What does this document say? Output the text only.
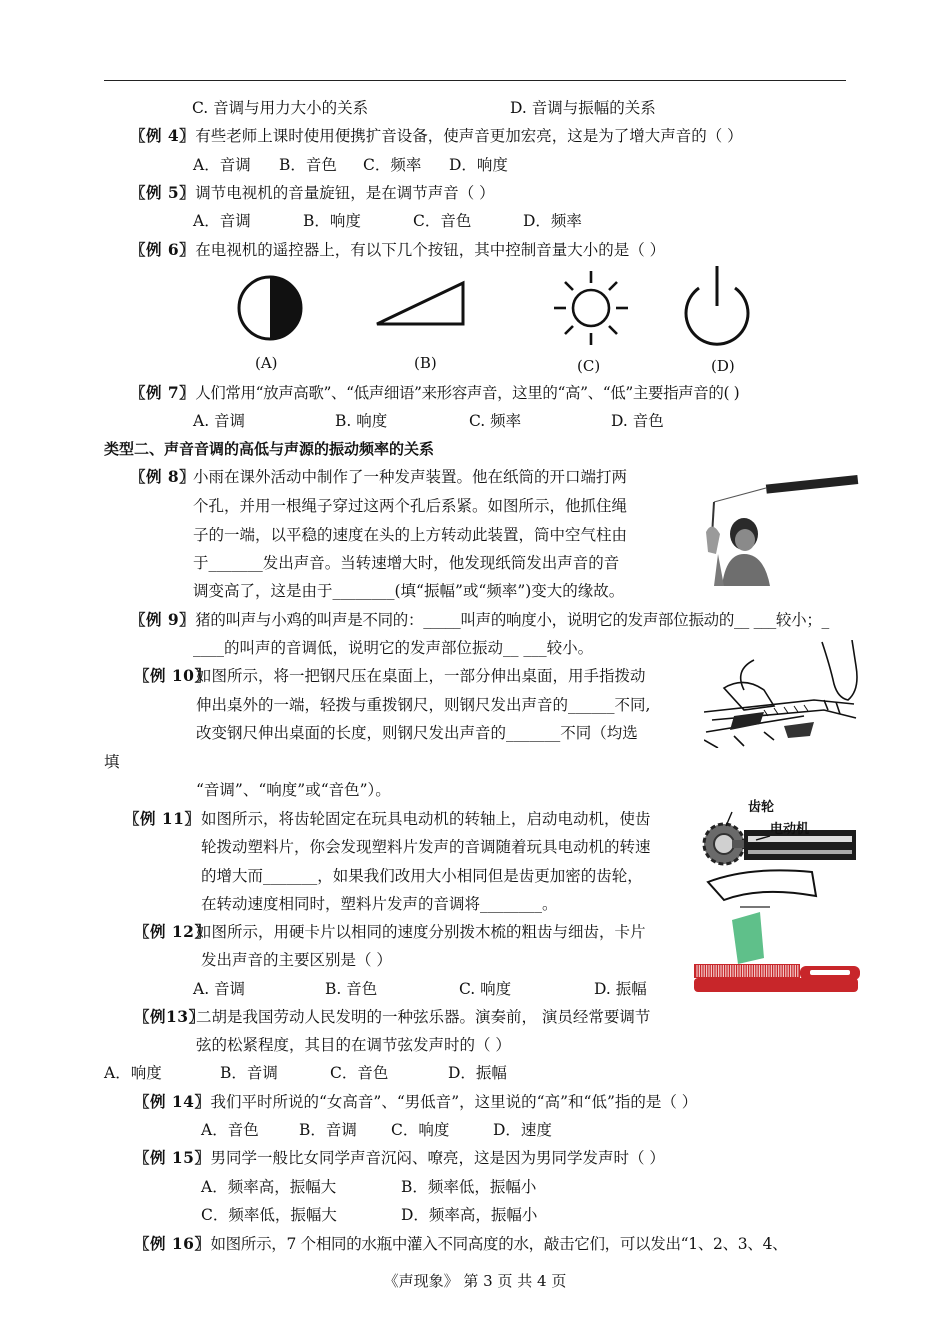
C. 音调与用力大小的关系	D. 音调与振幅的关系
〖例 4〗有些老师上课时使用便携扩音设备，使声音更加宏亮，这是为了增大声音的（ ）
A．音调 B．音色 C．频率 D．响度
〖例 5〗调节电视机的音量旋钮，是在调节声音（ ）
A．音调	B．响度	C．音色	D．频率
〖例 6〗在电视机的遥控器上，有以下几个按钮，其中控制音量大小的是（ ）
(A)	(B)	(C)	(D)
〖例 7〗人们常用“放声高歌”、“低声细语”来形容声音，这里的“高”、“低”主要指声音的( )
A. 音调	B. 响度	C. 频率	D. 音色
类型二、声音音调的高低与声源的振动频率的关系
〖例 8〗
小雨在课外活动中制作了一种发声装置。他在纸筒的开口端打两
个孔，并用一根绳子穿过这两个孔后系紧。如图所示，他抓住绳
子的一端，以平稳的速度在头的上方转动此装置，筒中空气柱由
于_______发出声音。当转速增大时，他发现纸筒发出声音的音
调变高了，这是由于________(填“振幅”或“频率”)变大的缘故。
〖例 9〗猪的叫声与小鸡的叫声是不同的：_____叫声的响度小，说明它的发声部位振动的__ ___较小；_
____的叫声的音调低，说明它的发声部位振动__ ___较小。
〖例 10〗
如图所示，将一把钢尺压在桌面上，一部分伸出桌面，用手指拨动
伸出桌外的一端，轻拨与重拨钢尺，则钢尺发出声音的______不同,
改变钢尺伸出桌面的长度，则钢尺发出声音的_______不同（均选
填
“音调”、“响度”或“音色”）。
〖例 11〗 如图所示，将齿轮固定在玩具电动机的转轴上，启动电动机，使齿
轮拨动塑料片，你会发现塑料片发声的音调随着玩具电动机的转速
的增大而_______，如果我们改用大小相同但是齿更加密的齿轮，
在转动速度相同时，塑料片发声的音调将________。
齿轮
电动机
〖例 12〗
如图所示，用硬卡片以相同的速度分别拨木梳的粗齿与细齿，卡片
发出声音的主要区别是（ ）
A. 音调	B. 音色	C. 响度	D. 振幅
〖例13〗
二胡是我国劳动人民发明的一种弦乐器。演奏前， 演员经常要调节
弦的松紧程度，其目的在调节弦发声时的（ ）
A．响度	B．音调	C．音色	D．振幅
〖例 14〗我们平时所说的“女高音”、“男低音”，这里说的“高”和“低”指的是（ ）
A．音色	B．音调 C．响度	D．速度
〖例 15〗男同学一般比女同学声音沉闷、嘹亮，这是因为男同学发声时（ ）
A．频率高，振幅大	B．频率低，振幅小
C．频率低，振幅大	D．频率高，振幅小
〖例 16〗如图所示，7 个相同的水瓶中灌入不同高度的水，敲击它们，可以发出“1、2、3、4、
《声现象》 第 3 页 共 4 页
